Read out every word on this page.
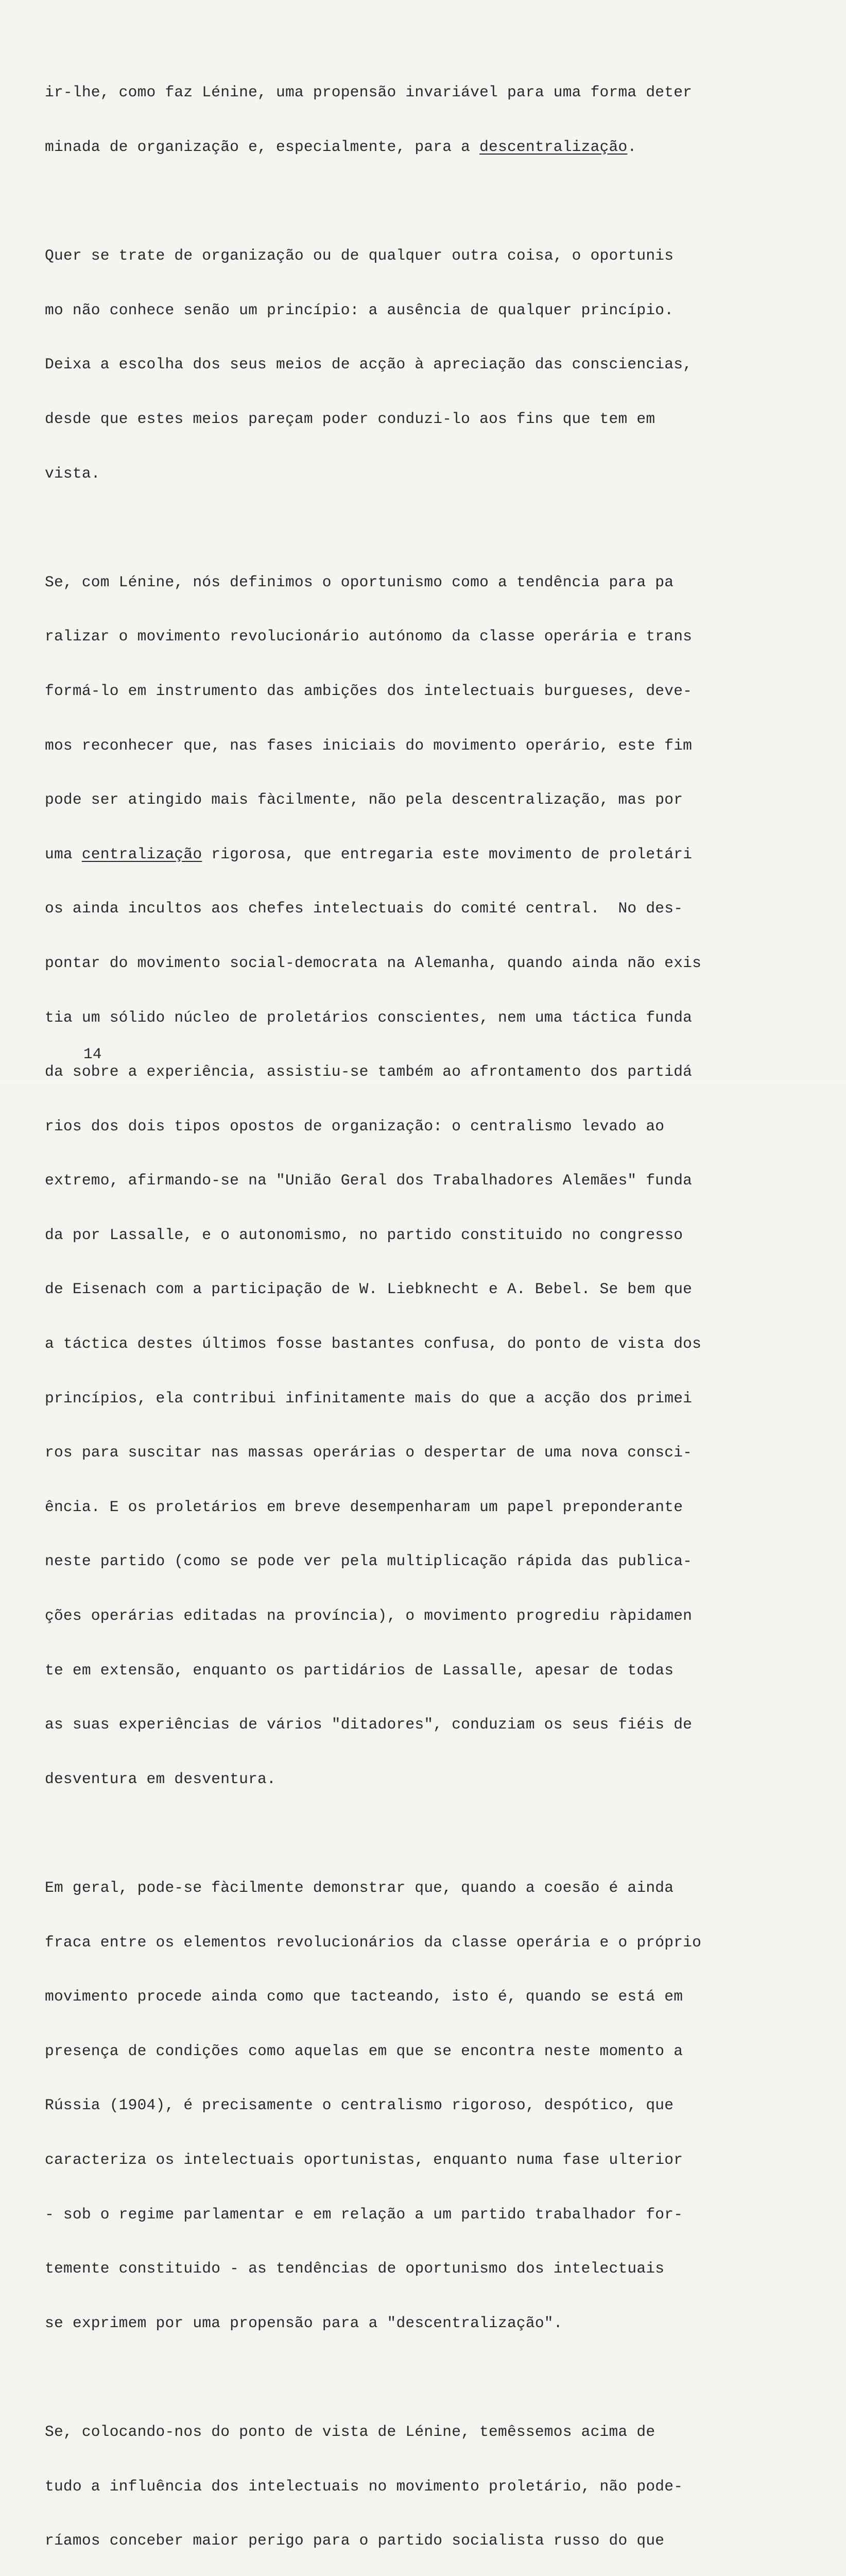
ir-lhe, como faz Lénine, uma propensão invariável para uma forma deter

minada de organização e, especialmente, para a descentralização.

Quer se trate de organização ou de qualquer outra coisa, o oportunis

mo não conhece senão um princípio: a ausência de qualquer princípio.

Deixa a escolha dos seus meios de acção à apreciação das consciencias,

desde que estes meios pareçam poder conduzi-lo aos fins que tem em

vista.

Se, com Lénine, nós definimos o oportunismo como a tendência para pa

ralizar o movimento revolucionário autónomo da classe operária e trans

formá-lo em instrumento das ambições dos intelectuais burgueses, deve-

mos reconhecer que, nas fases iniciais do movimento operário, este fim

pode ser atingido mais fàcilmente, não pela descentralização, mas por

uma centralização rigorosa, que entregaria este movimento de proletári

os ainda incultos aos chefes intelectuais do comité central.  No des-

pontar do movimento social-democrata na Alemanha, quando ainda não exis

tia um sólido núcleo de proletários conscientes, nem uma táctica funda

da sobre a experiência, assistiu-se também ao afrontamento dos partidá

rios dos dois tipos opostos de organização: o centralismo levado ao

extremo, afirmando-se na "União Geral dos Trabalhadores Alemães" funda

da por Lassalle, e o autonomismo, no partido constituido no congresso

de Eisenach com a participação de W. Liebknecht e A. Bebel. Se bem que

a táctica destes últimos fosse bastantes confusa, do ponto de vista dos

princípios, ela contribui infinitamente mais do que a acção dos primei

ros para suscitar nas massas operárias o despertar de uma nova consci-

ência. E os proletários em breve desempenharam um papel preponderante

neste partido (como se pode ver pela multiplicação rápida das publica-

ções operárias editadas na província), o movimento progrediu ràpidamen

te em extensão, enquanto os partidários de Lassalle, apesar de todas

as suas experiências de vários "ditadores", conduziam os seus fiéis de

desventura em desventura.

Em geral, pode-se fàcilmente demonstrar que, quando a coesão é ainda

fraca entre os elementos revolucionários da classe operária e o próprio

movimento procede ainda como que tacteando, isto é, quando se está em

presença de condições como aquelas em que se encontra neste momento a

Rússia (1904), é precisamente o centralismo rigoroso, despótico, que

caracteriza os intelectuais oportunistas, enquanto numa fase ulterior

- sob o regime parlamentar e em relação a um partido trabalhador for-

temente constituido - as tendências de oportunismo dos intelectuais

se exprimem por uma propensão para a "descentralização".

Se, colocando-nos do ponto de vista de Lénine, temêssemos acima de

tudo a influência dos intelectuais no movimento proletário, não pode-

ríamos conceber maior perigo para o partido socialista russo do que

14
